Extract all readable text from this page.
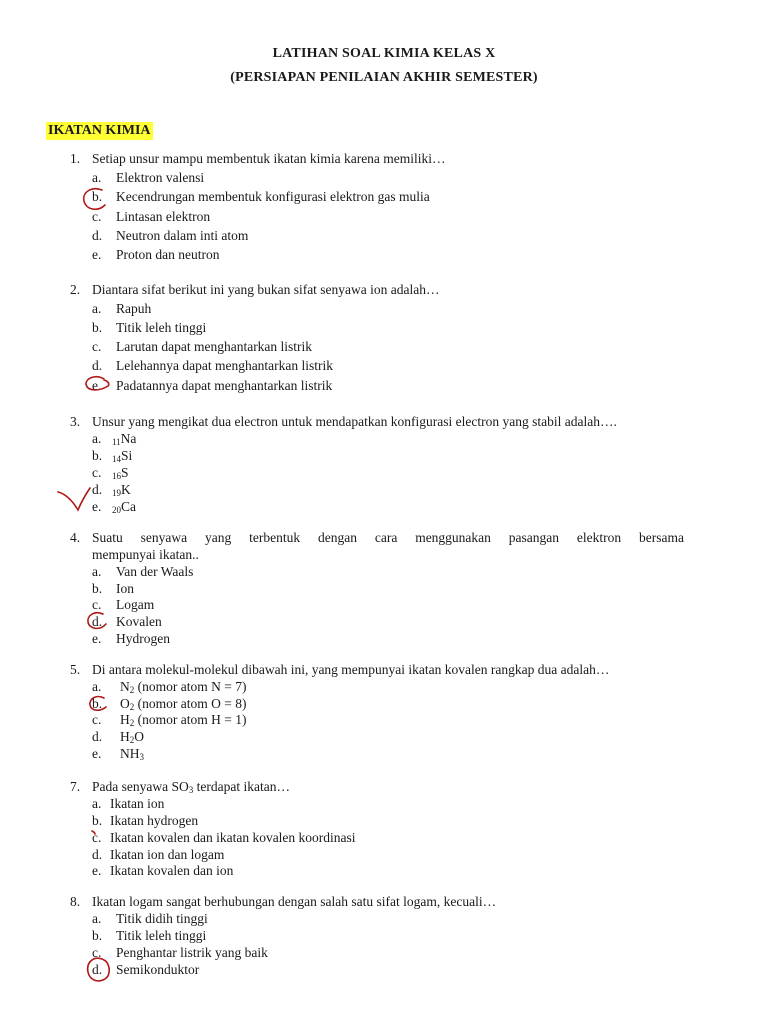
LATIHAN SOAL KIMIA KELAS X
(PERSIAPAN PENILAIAN AKHIR SEMESTER)
IKATAN KIMIA
1. Setiap unsur mampu membentuk ikatan kimia karena memiliki…
a. Elektron valensi
b. Kecendrungan membentuk konfigurasi elektron gas mulia
c. Lintasan elektron
d. Neutron dalam inti atom
e. Proton dan neutron
2. Diantara sifat berikut ini yang bukan sifat senyawa ion adalah…
a. Rapuh
b. Titik leleh tinggi
c. Larutan dapat menghantarkan listrik
d. Lelehannya dapat menghantarkan listrik
e. Padatannya dapat menghantarkan listrik
3. Unsur yang mengikat dua electron untuk mendapatkan konfigurasi electron yang stabil adalah….
a. $_{11}$Na
b. $_{14}$Si
c. $_{16}$S
d. $_{19}$K
e. $_{20}$Ca
4. Suatu senyawa yang terbentuk dengan cara menggunakan pasangan elektron bersama
mempunyai ikatan..
a. Van der Waals
b. Ion
c. Logam
d. Kovalen
e. Hydrogen
5. Di antara molekul-molekul dibawah ini, yang mempunyai ikatan kovalen rangkap dua adalah…
a. $N_2$ (nomor atom N = 7)
b. $O_2$ (nomor atom O = 8)
c. $H_2$ (nomor atom H = 1)
d. $H_2O$
e. $NH_3$
7. Pada senyawa $SO_3$ terdapat ikatan…
a. Ikatan ion
b. Ikatan hydrogen
c. Ikatan kovalen dan ikatan kovalen koordinasi
d. Ikatan ion dan logam
e. Ikatan kovalen dan ion
8. Ikatan logam sangat berhubungan dengan salah satu sifat logam, kecuali…
a. Titik didih tinggi
b. Titik leleh tinggi
c. Penghantar listrik yang baik
d. Semikonduktor
